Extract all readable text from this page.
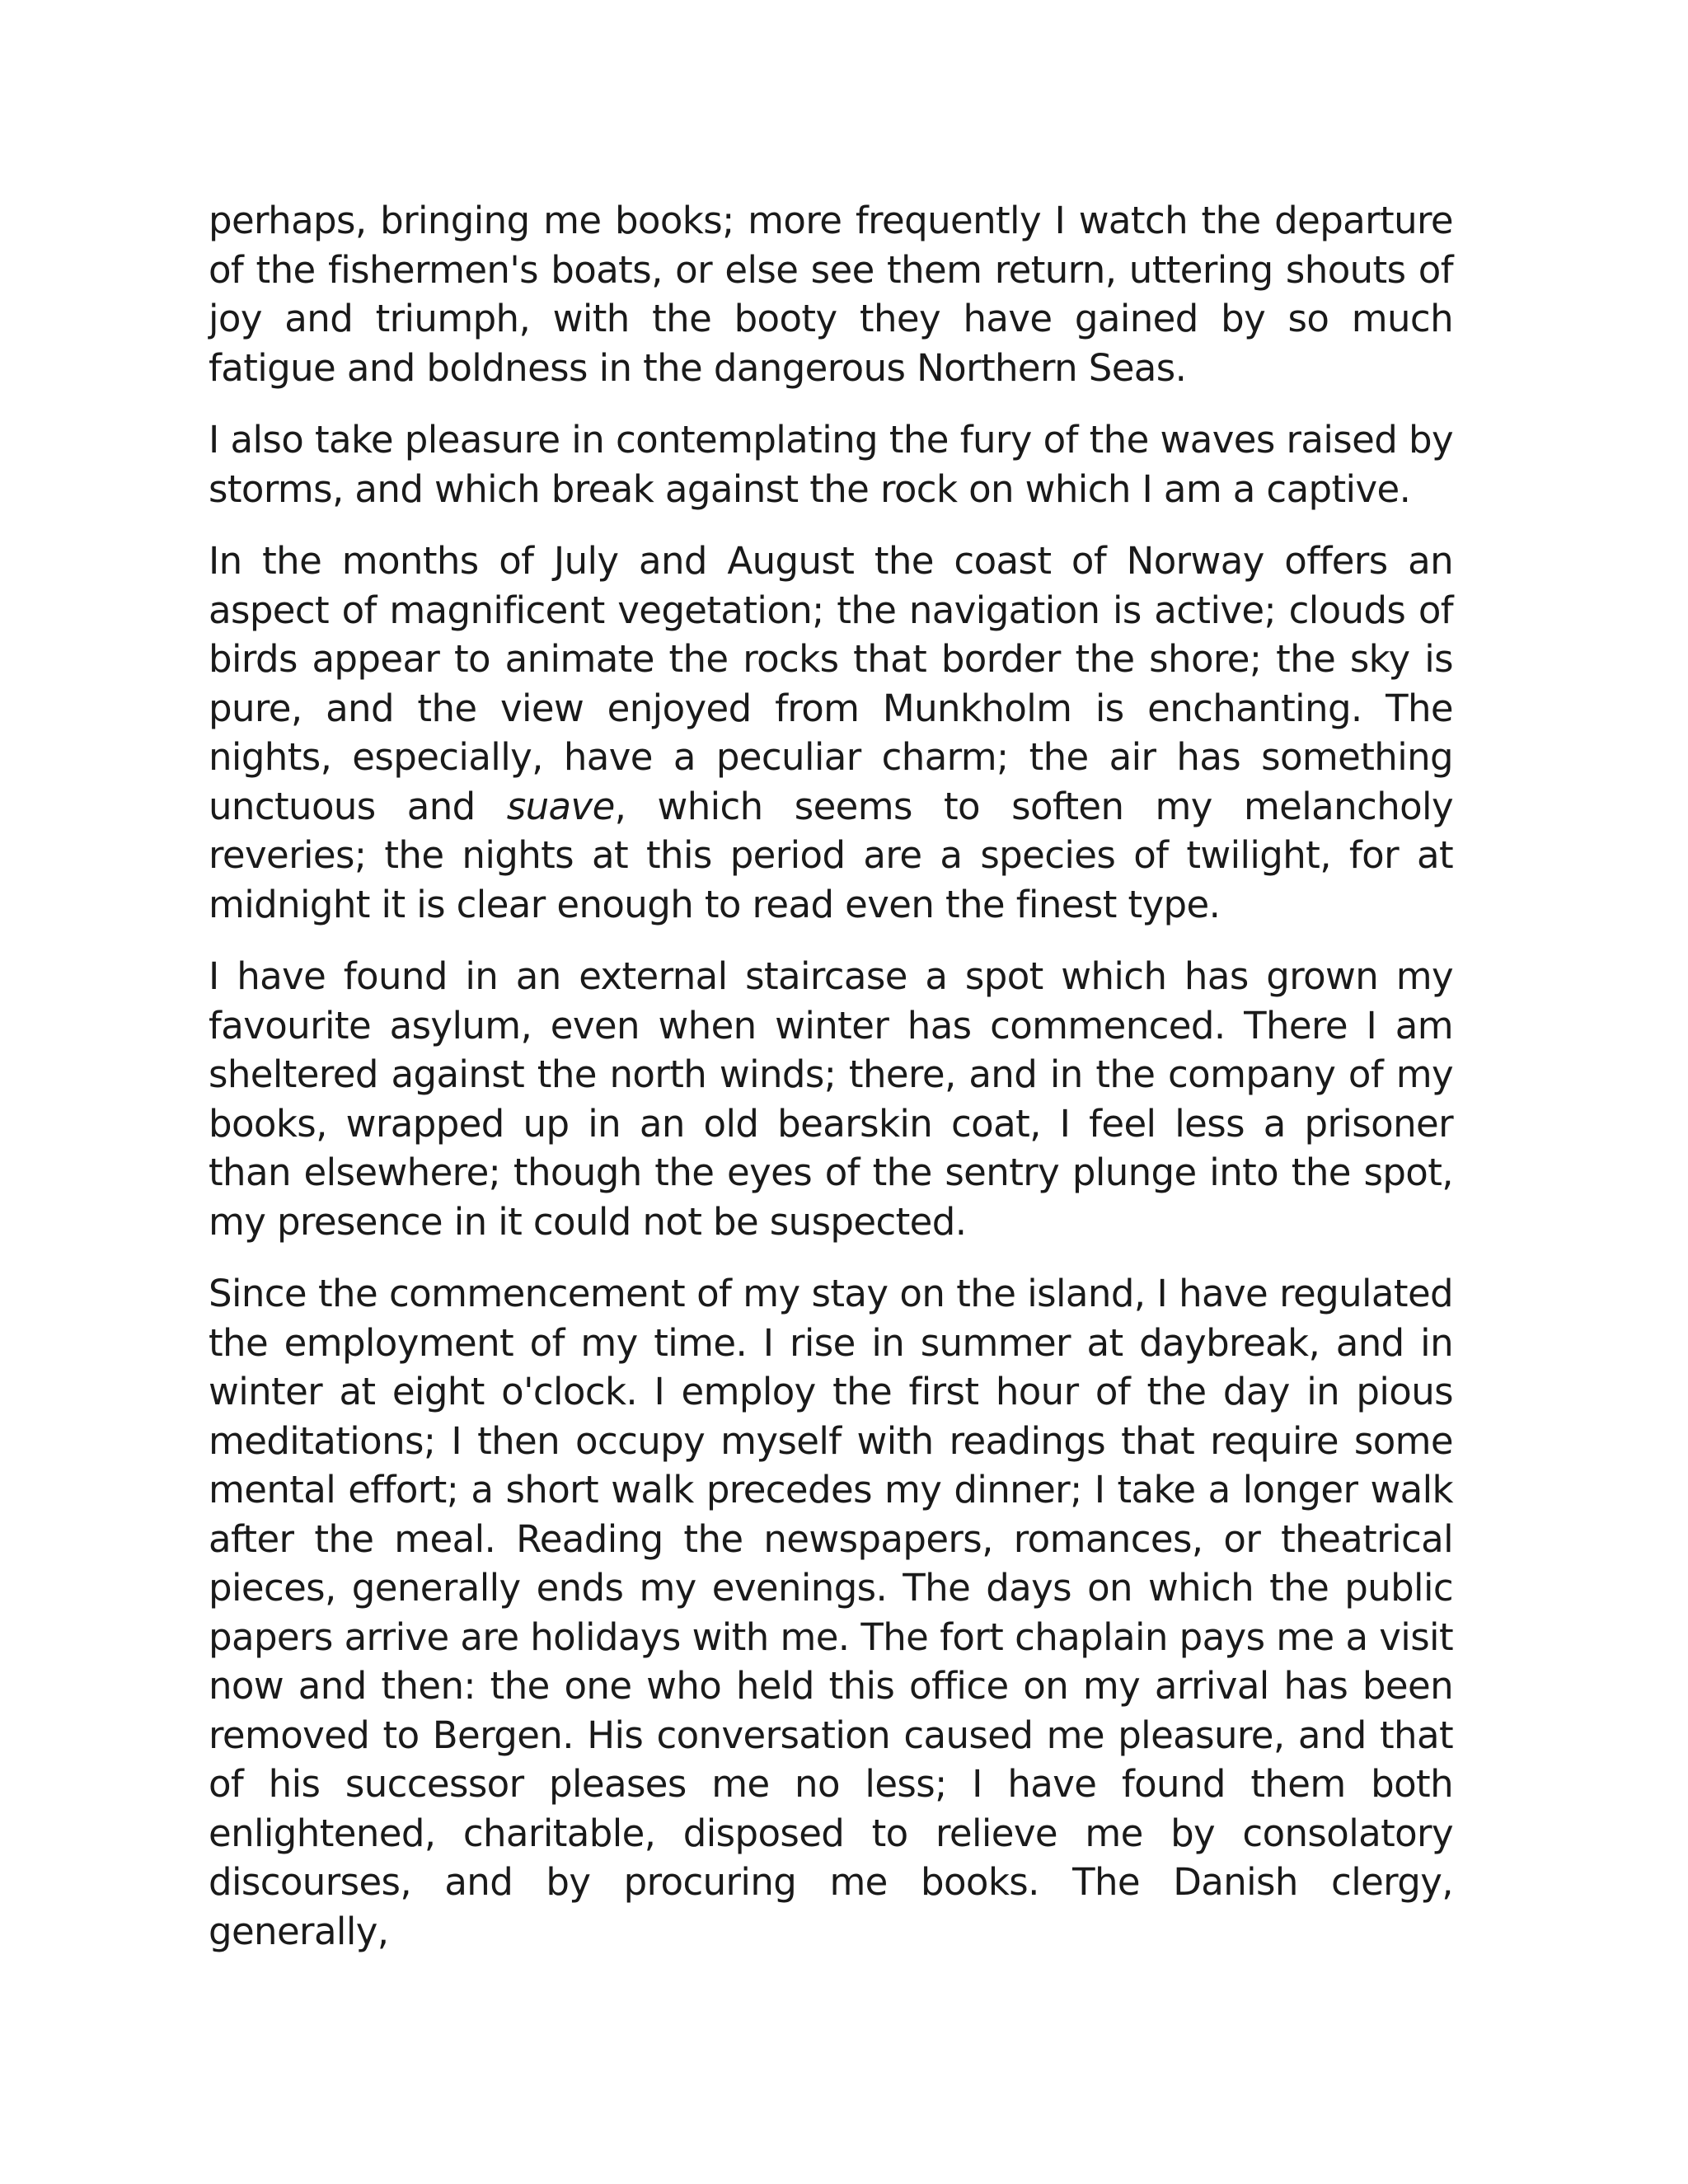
perhaps, bringing me books; more frequently I watch the departure of the fishermen's boats, or else see them return, uttering shouts of joy and triumph, with the booty they have gained by so much fatigue and boldness in the dangerous Northern Seas.

I also take pleasure in contemplating the fury of the waves raised by storms, and which break against the rock on which I am a captive.

In the months of July and August the coast of Norway offers an aspect of magnificent vegetation; the navigation is active; clouds of birds appear to animate the rocks that border the shore; the sky is pure, and the view enjoyed from Munkholm is enchanting. The nights, especially, have a peculiar charm; the air has something unctuous and suave, which seems to soften my melancholy reveries; the nights at this period are a species of twilight, for at midnight it is clear enough to read even the finest type.

I have found in an external staircase a spot which has grown my favourite asylum, even when winter has commenced. There I am sheltered against the north winds; there, and in the company of my books, wrapped up in an old bearskin coat, I feel less a prisoner than elsewhere; though the eyes of the sentry plunge into the spot, my presence in it could not be suspected.

Since the commencement of my stay on the island, I have regulated the employment of my time. I rise in summer at daybreak, and in winter at eight o'clock. I employ the first hour of the day in pious meditations; I then occupy myself with readings that require some mental effort; a short walk precedes my dinner; I take a longer walk after the meal. Reading the newspapers, romances, or theatrical pieces, generally ends my evenings. The days on which the public papers arrive are holidays with me. The fort chaplain pays me a visit now and then: the one who held this office on my arrival has been removed to Bergen. His conversation caused me pleasure, and that of his successor pleases me no less; I have found them both enlightened, charitable, disposed to relieve me by consolatory discourses, and by procuring me books. The Danish clergy, generally,
